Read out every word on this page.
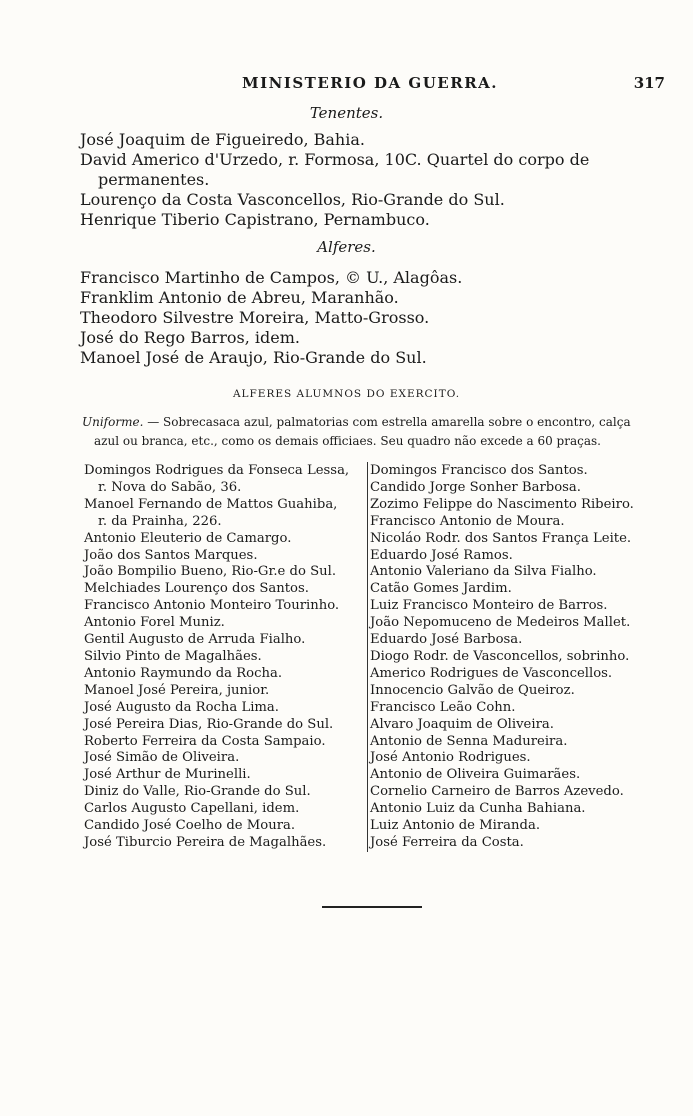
MINISTERIO DA GUERRA.	317
Tenentes.
José Joaquim de Figueiredo, Bahia.
David Americo d'Urzedo, r. Formosa, 10C. Quartel do corpo de
permanentes.
Lourenço da Costa Vasconcellos, Rio-Grande do Sul.
Henrique Tiberio Capistrano, Pernambuco.
Alferes.
Francisco Martinho de Campos, © U., Alagôas.
Franklim Antonio de Abreu, Maranhão.
Theodoro Silvestre Moreira, Matto-Grosso.
José do Rego Barros, idem.
Manoel José de Araujo, Rio-Grande do Sul.
ALFERES ALUMNOS DO EXERCITO.
Uniforme. — Sobrecasaca azul, palmatorias com estrella amarella sobre o encontro, calça
azul ou branca, etc., como os demais officiaes. Seu quadro não excede a 60 praças.
Domingos Rodrigues da Fonseca Lessa,
r. Nova do Sabão, 36.
Manoel Fernando de Mattos Guahiba,
r. da Prainha, 226.
Antonio Eleuterio de Camargo.
João dos Santos Marques.
João Bompilio Bueno, Rio-Gr.e do Sul.
Melchiades Lourenço dos Santos.
Francisco Antonio Monteiro Tourinho.
Antonio Forel Muniz.
Gentil Augusto de Arruda Fialho.
Silvio Pinto de Magalhães.
Antonio Raymundo da Rocha.
Manoel José Pereira, junior.
José Augusto da Rocha Lima.
José Pereira Dias, Rio-Grande do Sul.
Roberto Ferreira da Costa Sampaio.
José Simão de Oliveira.
José Arthur de Murinelli.
Diniz do Valle, Rio-Grande do Sul.
Carlos Augusto Capellani, idem.
Candido José Coelho de Moura.
José Tiburcio Pereira de Magalhães.
Domingos Francisco dos Santos.
Candido Jorge Sonher Barbosa.
Zozimo Felippe do Nascimento Ribeiro.
Francisco Antonio de Moura.
Nicoláo Rodr. dos Santos França Leite.
Eduardo José Ramos.
Antonio Valeriano da Silva Fialho.
Catão Gomes Jardim.
Luiz Francisco Monteiro de Barros.
João Nepomuceno de Medeiros Mallet.
Eduardo José Barbosa.
Diogo Rodr. de Vasconcellos, sobrinho.
Americo Rodrigues de Vasconcellos.
Innocencio Galvão de Queiroz.
Francisco Leão Cohn.
Alvaro Joaquim de Oliveira.
Antonio de Senna Madureira.
José Antonio Rodrigues.
Antonio de Oliveira Guimarães.
Cornelio Carneiro de Barros Azevedo.
Antonio Luiz da Cunha Bahiana.
Luiz Antonio de Miranda.
José Ferreira da Costa.
